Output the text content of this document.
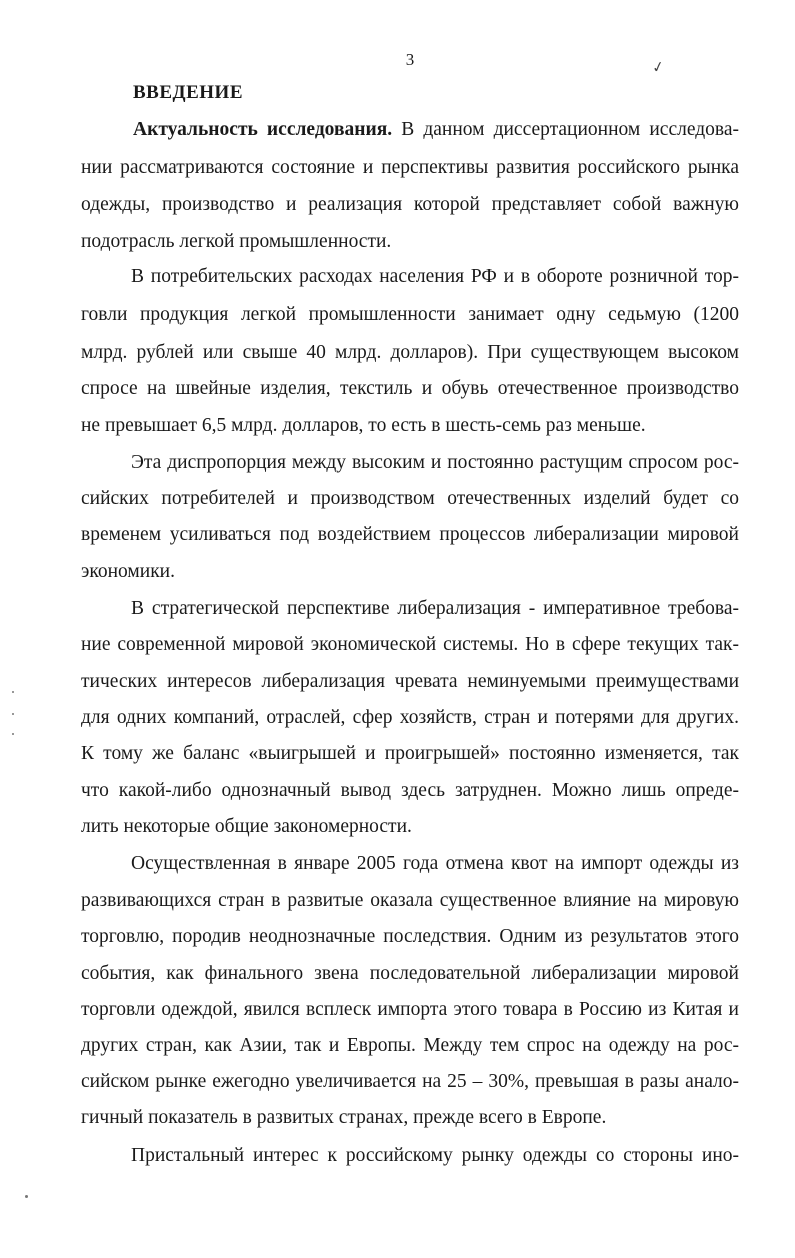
3	✓
ВВЕДЕНИЕ
Актуальность исследования. В данном диссертационном исследова-
нии рассматриваются состояние и перспективы развития российского рынка
одежды, производство и реализация которой представляет собой важную
подотрасль легкой промышленности.
В потребительских расходах населения РФ и в обороте розничной тор-
говли продукция легкой промышленности занимает одну седьмую (1200
млрд. рублей или свыше 40 млрд. долларов). При существующем высоком
спросе на швейные изделия, текстиль и обувь отечественное производство
не превышает 6,5 млрд. долларов, то есть в шесть-семь раз меньше.
Эта диспропорция между высоким и постоянно растущим спросом рос-
сийских потребителей и производством отечественных изделий будет со
временем усиливаться под воздействием процессов либерализации мировой
экономики.
В стратегической перспективе либерализация - императивное требова-
ние современной мировой экономической системы. Но в сфере текущих так-
тических интересов либерализация чревата неминуемыми преимуществами
для одних компаний, отраслей, сфер хозяйств, стран и потерями для других.
К тому же баланс «выигрышей и проигрышей» постоянно изменяется, так
что какой-либо однозначный вывод здесь затруднен. Можно лишь опреде-
лить некоторые общие закономерности.
Осуществленная в январе 2005 года отмена квот на импорт одежды из
развивающихся стран в развитые оказала существенное влияние на мировую
торговлю, породив неоднозначные последствия. Одним из результатов этого
события, как финального звена последовательной либерализации мировой
торговли одеждой, явился всплеск импорта этого товара в Россию из Китая и
других стран, как Азии, так и Европы. Между тем спрос на одежду на рос-
сийском рынке ежегодно увеличивается на 25 – 30%, превышая в разы анало-
гичный показатель в развитых странах, прежде всего в Европе.
Пристальный интерес к российскому рынку одежды со стороны ино-
